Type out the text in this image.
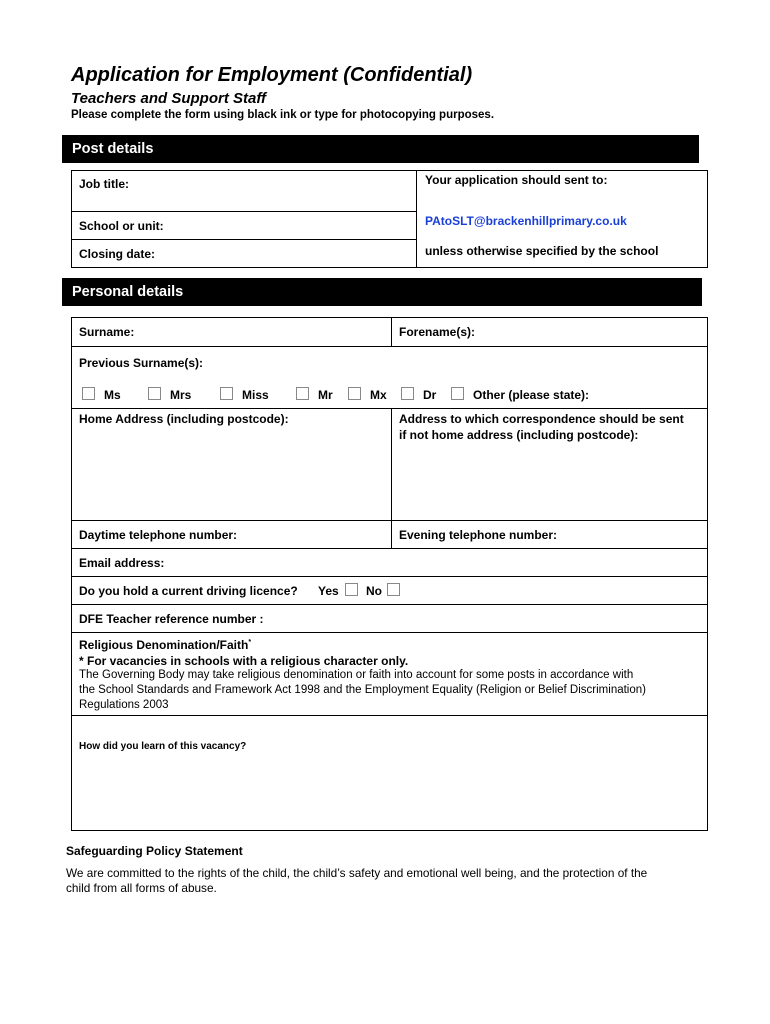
Application for Employment (Confidential)
Teachers and Support Staff
Please complete the form using black ink or type for photocopying purposes.
Post details
Job title:
School or unit:
Closing date:
Your application should sent to:
PAtoSLT@brackenhillprimary.co.uk
unless otherwise specified by the school
Personal details
Surname:	Forename(s):
Previous Surname(s):
Ms	Mrs	Miss	Mr	Mx	Dr	Other (please state):
Home Address (including postcode):	Address to which correspondence should be sent
if not home address (including postcode):
Daytime telephone number:	Evening telephone number:
Email address:
Do you hold a current driving licence? Yes No
DFE Teacher reference number :
Religious Denomination/Faith*
* For vacancies in schools with a religious character only.
The Governing Body may take religious denomination or faith into account for some posts in accordance with
the School Standards and Framework Act 1998 and the Employment Equality (Religion or Belief Discrimination)
Regulations 2003
How did you learn of this vacancy?
Safeguarding Policy Statement
We are committed to the rights of the child, the child’s safety and emotional well being, and the protection of the
child from all forms of abuse.
